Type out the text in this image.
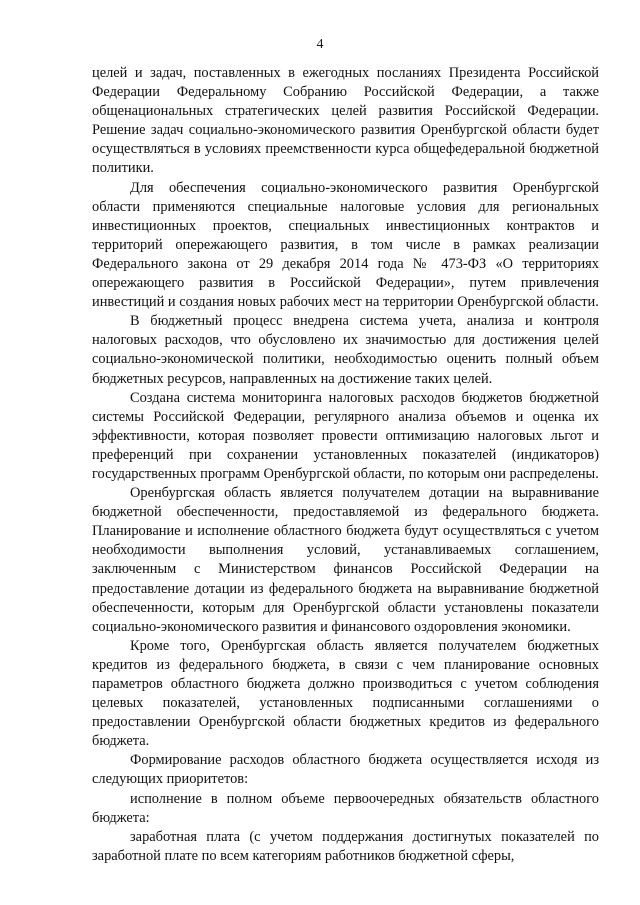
4

целей и задач, поставленных в ежегодных посланиях Президента Российской Федерации Федеральному Собранию Российской Федерации, а также общенациональных стратегических целей развития Российской Федерации. Решение задач социально-экономического развития Оренбургской области будет осуществляться в условиях преемственности курса общефедеральной бюджетной политики.

Для обеспечения социально-экономического развития Оренбургской области применяются специальные налоговые условия для региональных инвестиционных проектов, специальных инвестиционных контрактов и территорий опережающего развития, в том числе в рамках реализации Федерального закона от 29 декабря 2014 года № 473-ФЗ «О территориях опережающего развития в Российской Федерации», путем привлечения инвестиций и создания новых рабочих мест на территории Оренбургской области.

В бюджетный процесс внедрена система учета, анализа и контроля налоговых расходов, что обусловлено их значимостью для достижения целей социально-экономической политики, необходимостью оценить полный объем бюджетных ресурсов, направленных на достижение таких целей.

Создана система мониторинга налоговых расходов бюджетов бюджетной системы Российской Федерации, регулярного анализа объемов и оценка их эффективности, которая позволяет провести оптимизацию налоговых льгот и преференций при сохранении установленных показателей (индикаторов) государственных программ Оренбургской области, по которым они распределены.

Оренбургская область является получателем дотации на выравнивание бюджетной обеспеченности, предоставляемой из федерального бюджета. Планирование и исполнение областного бюджета будут осуществляться с учетом необходимости выполнения условий, устанавливаемых соглашением, заключенным с Министерством финансов Российской Федерации на предоставление дотации из федерального бюджета на выравнивание бюджетной обеспеченности, которым для Оренбургской области установлены показатели социально-экономического развития и финансового оздоровления экономики.

Кроме того, Оренбургская область является получателем бюджетных кредитов из федерального бюджета, в связи с чем планирование основных параметров областного бюджета должно производиться с учетом соблюдения целевых показателей, установленных подписанными соглашениями о предоставлении Оренбургской области бюджетных кредитов из федерального бюджета.

Формирование расходов областного бюджета осуществляется исходя из следующих приоритетов:

исполнение в полном объеме первоочередных обязательств областного бюджета:

заработная плата (с учетом поддержания достигнутых показателей по заработной плате по всем категориям работников бюджетной сферы,
